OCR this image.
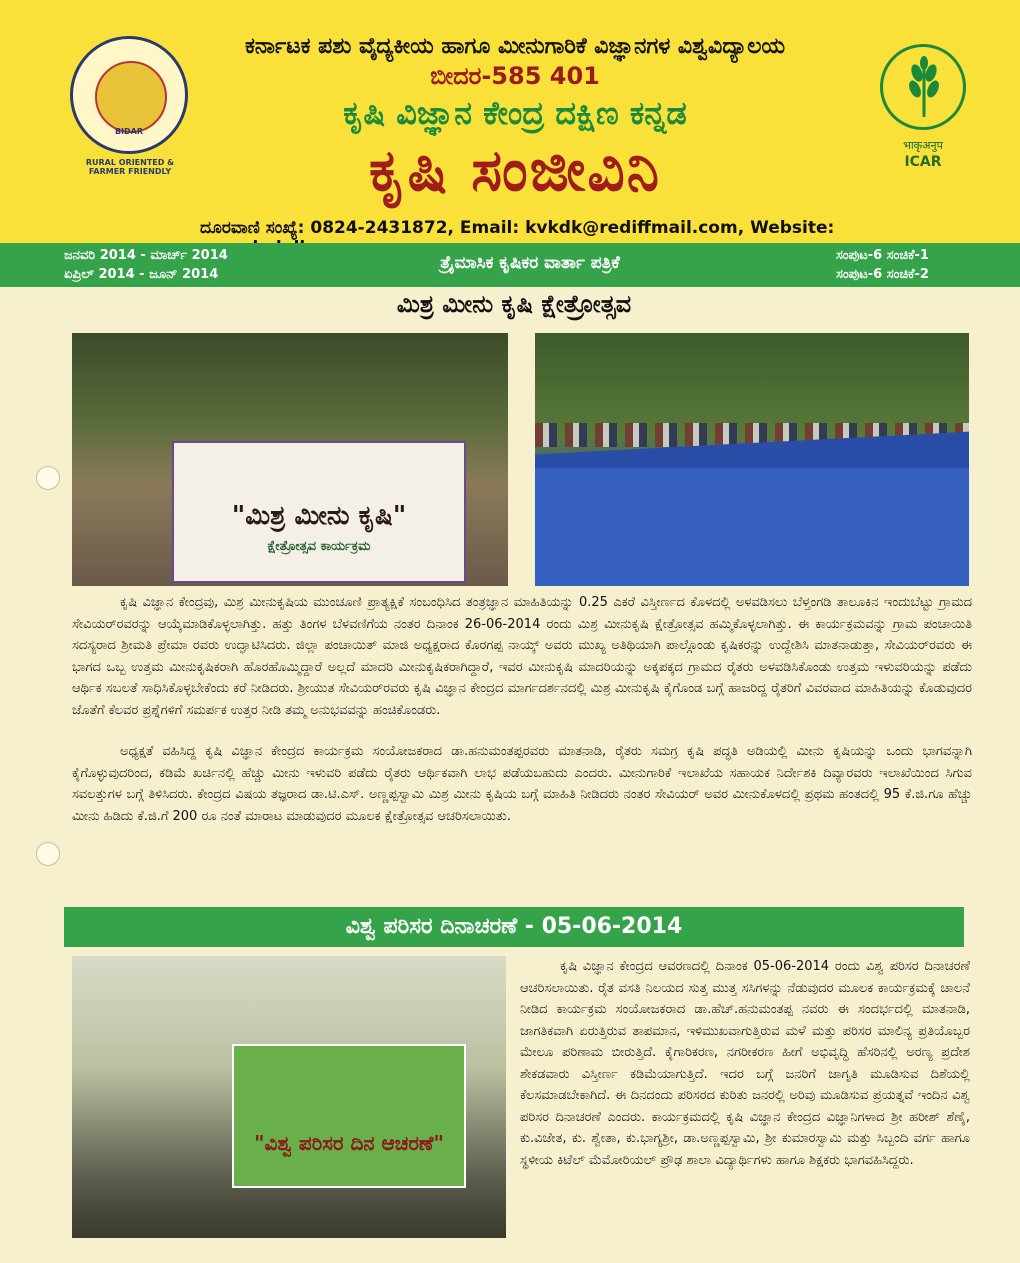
BIDAR
RURAL ORIENTED & FARMER FRIENDLY
ಕರ್ನಾಟಕ ಪಶು ವೈದ್ಯಕೀಯ ಹಾಗೂ ಮೀನುಗಾರಿಕೆ ವಿಜ್ಞಾನಗಳ ವಿಶ್ವವಿದ್ಯಾಲಯ
ಬೀದರ-585 401
ಕೃಷಿ ವಿಜ್ಞಾನ ಕೇಂದ್ರ ದಕ್ಷಿಣ ಕನ್ನಡ
ಕೃಷಿ ಸಂಜೀವಿನಿ
ದೂರವಾಣಿ ಸಂಖ್ಯೆ: 0824-2431872, Email: kvkdk@rediffmail.com, Website:
भाकृअनुप
ICAR
ಜನವರಿ 2014 - ಮಾರ್ಚ್ 2014
ಏಪ್ರಿಲ್ 2014 - ಜೂನ್ 2014
ತ್ರೈಮಾಸಿಕ ಕೃಷಿಕರ ವಾರ್ತಾ ಪತ್ರಿಕೆ	ಸಂಪುಟ-6 ಸಂಚಿಕೆ-1
ಸಂಪುಟ-6 ಸಂಚಿಕೆ-2
ಮಿಶ್ರ ಮೀನು ಕೃಷಿ ಕ್ಷೇತ್ರೋತ್ಸವ
"ಮಿಶ್ರ ಮೀನು ಕೃಷಿ"
ಕ್ಷೇತ್ರೋತ್ಸವ ಕಾರ್ಯಕ್ರಮ
ಕೃಷಿ ವಿಜ್ಞಾನ ಕೇಂದ್ರವು, ಮಿಶ್ರ ಮೀನುಕೃಷಿಯ ಮುಂಚೂಣಿ ಪ್ರಾತ್ಯಕ್ಷಿಕೆ ಸಂಬಂಧಿಸಿದ ತಂತ್ರಜ್ಞಾನ ಮಾಹಿತಿಯನ್ನು 0.25 ಎಕರೆ ವಿಸ್ತೀರ್ಣದ ಕೊಳದಲ್ಲಿ ಅಳವಡಿಸಲು ಬೆಳ್ತಂಗಡಿ ತಾಲೂಕಿನ ಇಂದುಬೆಟ್ಟು ಗ್ರಾಮದ ಸೇವಿಯರ್‌ರವರನ್ನು ಆಯ್ಕೆಮಾಡಿಕೊಳ್ಳಲಾಗಿತ್ತು. ಹತ್ತು ತಿಂಗಳ ಬೆಳವಣಿಗೆಯ ನಂತರ ದಿನಾಂಕ 26-06-2014 ರಂದು ಮಿಶ್ರ ಮೀನುಕೃಷಿ ಕ್ಷೇತ್ರೋತ್ಸವ ಹಮ್ಮಿಕೊಳ್ಳಲಾಗಿತ್ತು. ಈ ಕಾರ್ಯಕ್ರಮವನ್ನು ಗ್ರಾಮ ಪಂಚಾಯಿತಿ ಸದಸ್ಯರಾದ ಶ್ರೀಮತಿ ಪ್ರೇಮಾ ರವರು ಉದ್ಘಾಟಿಸಿದರು. ಜಿಲ್ಲಾ ಪಂಚಾಯಿತ್ ಮಾಜಿ ಅಧ್ಯಕ್ಷರಾದ ಕೊರಗಪ್ಪ ನಾಯ್ಕ್ ಅವರು ಮುಖ್ಯ ಅತಿಥಿಯಾಗಿ ಪಾಲ್ಗೊಂಡು ಕೃಷಿಕರನ್ನು ಉದ್ದೇಶಿಸಿ ಮಾತನಾಡುತ್ತಾ, ಸೇವಿಯರ್‌ರವರು ಈ ಭಾಗದ ಒಬ್ಬ ಉತ್ತಮ ಮೀನುಕೃಷಿಕರಾಗಿ ಹೊರಹೊಮ್ಮಿದ್ದಾರೆ ಅಲ್ಲದೆ ಮಾದರಿ ಮೀನುಕೃಷಿಕರಾಗಿದ್ದಾರೆ, ಇವರ ಮೀನುಕೃಷಿ ಮಾದರಿಯನ್ನು ಅಕ್ಕಪಕ್ಕದ ಗ್ರಾಮದ ರೈತರು ಅಳವಡಿಸಿಕೊಂಡು ಉತ್ತಮ ಇಳುವರಿಯನ್ನು ಪಡೆದು ಆರ್ಥಿಕ ಸಬಲತೆ ಸಾಧಿಸಿಕೊಳ್ಳಬೇಕೆಂದು ಕರೆ ನೀಡಿದರು. ಶ್ರೀಯುತ ಸೇವಿಯರ್‌ರವರು ಕೃಷಿ ವಿಜ್ಞಾನ ಕೇಂದ್ರದ ಮಾರ್ಗದರ್ಶನದಲ್ಲಿ ಮಿಶ್ರ ಮೀನುಕೃಷಿ ಕೈಗೊಂಡ ಬಗ್ಗೆ ಹಾಜರಿದ್ದ ರೈತರಿಗೆ ವಿವರವಾದ ಮಾಹಿತಿಯನ್ನು ಕೊಡುವುದರ ಜೊತೆಗೆ ಕೆಲವರ ಪ್ರಶ್ನೆಗಳಿಗೆ ಸಮರ್ಪಕ ಉತ್ತರ ನೀಡಿ ತಮ್ಮ ಅನುಭವವನ್ನು ಹಂಚಿಕೊಂಡರು.
ಅಧ್ಯಕ್ಷತೆ ವಹಿಸಿದ್ದ ಕೃಷಿ ವಿಜ್ಞಾನ ಕೇಂದ್ರದ ಕಾರ್ಯಕ್ರಮ ಸಂಯೋಜಕರಾದ ಡಾ.ಹನುಮಂತಪ್ಪರವರು ಮಾತನಾಡಿ, ರೈತರು ಸಮಗ್ರ ಕೃಷಿ ಪದ್ಧತಿ ಅಡಿಯಲ್ಲಿ ಮೀನು ಕೃಷಿಯನ್ನು ಒಂದು ಭಾಗವನ್ನಾಗಿ ಕೈಗೊಳ್ಳುವುದರಿಂದ, ಕಡಿಮೆ ಖರ್ಚಿನಲ್ಲಿ ಹೆಚ್ಚು ಮೀನು ಇಳುವರಿ ಪಡೆದು ರೈತರು ಆರ್ಥಿಕವಾಗಿ ಲಾಭ ಪಡೆಯಬಹುದು ಎಂದರು. ಮೀನುಗಾರಿಕೆ ಇಲಾಖೆಯ ಸಹಾಯಕ ನಿರ್ದೇಶಕಿ ದಿವ್ಯಾರವರು ಇಲಾಖೆಯಿಂದ ಸಿಗುವ ಸವಲತ್ತುಗಳ ಬಗ್ಗೆ ತಿಳಿಸಿದರು. ಕೇಂದ್ರದ ವಿಷಯ ತಜ್ಞರಾದ ಡಾ.ಟಿ.ಎಸ್. ಅಣ್ಣಪ್ಪಸ್ವಾಮಿ ಮಿಶ್ರ ಮೀನು ಕೃಷಿಯ ಬಗ್ಗೆ ಮಾಹಿತಿ ನೀಡಿದರು ನಂತರ ಸೇವಿಯರ್ ಅವರ ಮೀನುಕೊಳದಲ್ಲಿ ಪ್ರಥಮ ಹಂತದಲ್ಲಿ 95 ಕೆ.ಜಿ.ಗೂ ಹೆಚ್ಚು ಮೀನು ಹಿಡಿದು ಕೆ.ಜಿ.ಗೆ 200 ರೂ ನಂತೆ ಮಾರಾಟ ಮಾಡುವುದರ ಮೂಲಕ ಕ್ಷೇತ್ರೋತ್ಸವ ಆಚರಿಸಲಾಯಿತು.
ವಿಶ್ವ ಪರಿಸರ ದಿನಾಚರಣೆ - 05-06-2014
"ವಿಶ್ವ ಪರಿಸರ ದಿನ ಆಚರಣೆ"
ಕೃಷಿ ವಿಜ್ಞಾನ ಕೇಂದ್ರದ ಆವರಣದಲ್ಲಿ ದಿನಾಂಕ 05-06-2014 ರಂದು ವಿಶ್ವ ಪರಿಸರ ದಿನಾಚರಣೆ ಆಚರಿಸಲಾಯಿತು. ರೈತ ವಸತಿ ನಿಲಯದ ಸುತ್ತ ಮುತ್ತ ಸಸಿಗಳನ್ನು ನೆಡುವುದರ ಮೂಲಕ ಕಾರ್ಯಕ್ರಮಕ್ಕೆ ಚಾಲನೆ ನೀಡಿದ ಕಾರ್ಯಕ್ರಮ ಸಂಯೋಜಕರಾದ ಡಾ.ಹೆಚ್.ಹನುಮಂತಪ್ಪ ನವರು ಈ ಸಂದರ್ಭದಲ್ಲಿ ಮಾತನಾಡಿ, ಜಾಗತಿಕವಾಗಿ ಏರುತ್ತಿರುವ ತಾಪಮಾನ, ಇಳಿಮುಖವಾಗುತ್ತಿರುವ ಮಳೆ ಮತ್ತು ಪರಿಸರ ಮಾಲಿನ್ಯ ಪ್ರತಿಯೊಬ್ಬರ ಮೇಲೂ ಪರಿಣಾಮ ಬೀರುತ್ತಿದೆ. ಕೈಗಾರಿಕರಣ, ನಗರೀಕರಣ ಹೀಗೆ ಅಭಿವೃದ್ಧಿ ಹೆಸರಿನಲ್ಲಿ ಅರಣ್ಯ ಪ್ರದೇಶ ಶೇಕಡವಾರು ವಿಸ್ತೀರ್ಣ ಕಡಿಮೆಯಾಗುತ್ತಿದೆ. ಇದರ ಬಗ್ಗೆ ಜನರಿಗೆ ಜಾಗೃತಿ ಮೂಡಿಸುವ ದಿಶೆಯಲ್ಲಿ ಕೆಲಸಮಾಡಬೇಕಾಗಿದೆ. ಈ ದಿನದಂದು ಪರಿಸರದ ಕುರಿತು ಜನರಲ್ಲಿ ಅರಿವು ಮೂಡಿಸುವ ಪ್ರಯತ್ನವೆ ಇಂದಿನ ವಿಶ್ವ ಪರಿಸರ ದಿನಾಚರಣೆ ಎಂದರು. ಕಾರ್ಯಕ್ರಮದಲ್ಲಿ ಕೃಷಿ ವಿಜ್ಞಾನ ಕೇಂದ್ರದ ವಿಜ್ಞಾನಿಗಳಾದ ಶ್ರೀ ಹರೀಶ್ ಶೆಣೈ, ಕು.ವಿಜೇತ, ಕು. ಶ್ವೇತಾ, ಕು.ಭಾಗ್ಯಶ್ರೀ, ಡಾ.ಅಣ್ಣಪ್ಪಸ್ವಾಮಿ, ಶ್ರೀ ಕುಮಾರಸ್ವಾಮಿ ಮತ್ತು ಸಿಬ್ಬಂದಿ ವರ್ಗ ಹಾಗೂ ಸ್ಥಳೀಯ ಕಿಟೆಲ್ ಮೆಮೋರಿಯಲ್ ಪ್ರೌಢ ಶಾಲಾ ವಿದ್ಯಾರ್ಥಿಗಳು ಹಾಗೂ ಶಿಕ್ಷಕರು ಭಾಗವಹಿಸಿದ್ದರು.
